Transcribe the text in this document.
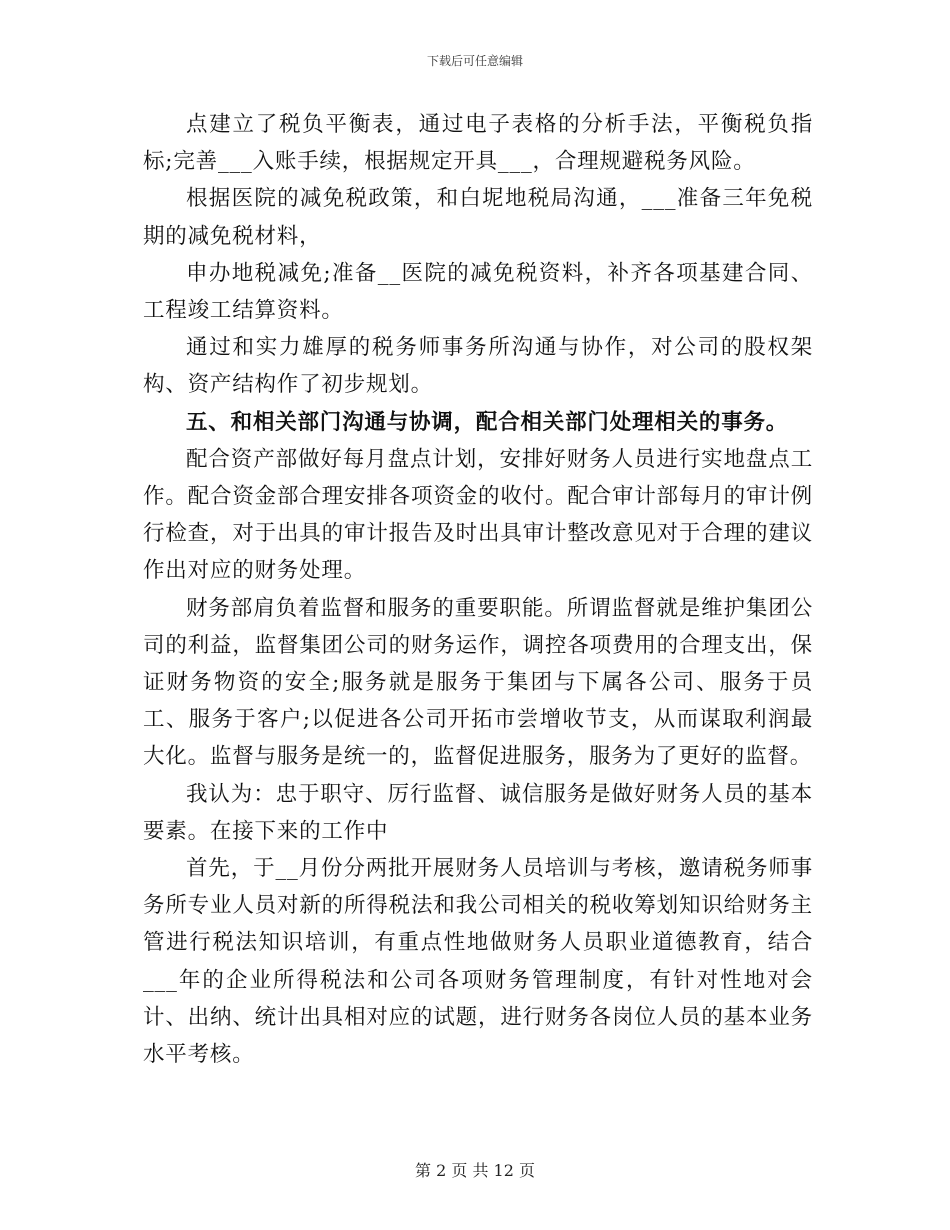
下载后可任意编辑

点建立了税负平衡表，通过电子表格的分析手法，平衡税负指标;完善___入账手续，根据规定开具___，合理规避税务风险。

根据医院的减免税政策，和白坭地税局沟通，___准备三年免税期的减免税材料，

申办地税减免;准备__医院的减免税资料，补齐各项基建合同、工程竣工结算资料。

通过和实力雄厚的税务师事务所沟通与协作，对公司的股权架构、资产结构作了初步规划。

五、和相关部门沟通与协调，配合相关部门处理相关的事务。

配合资产部做好每月盘点计划，安排好财务人员进行实地盘点工作。配合资金部合理安排各项资金的收付。配合审计部每月的审计例行检查，对于出具的审计报告及时出具审计整改意见对于合理的建议作出对应的财务处理。

财务部肩负着监督和服务的重要职能。所谓监督就是维护集团公司的利益，监督集团公司的财务运作，调控各项费用的合理支出，保证财务物资的安全;服务就是服务于集团与下属各公司、服务于员工、服务于客户;以促进各公司开拓市尝增收节支，从而谋取利润最大化。监督与服务是统一的，监督促进服务，服务为了更好的监督。

我认为：忠于职守、厉行监督、诚信服务是做好财务人员的基本要素。在接下来的工作中

首先，于__月份分两批开展财务人员培训与考核，邀请税务师事务所专业人员对新的所得税法和我公司相关的税收筹划知识给财务主管进行税法知识培训，有重点性地做财务人员职业道德教育，结合___年的企业所得税法和公司各项财务管理制度，有针对性地对会计、出纳、统计出具相对应的试题，进行财务各岗位人员的基本业务水平考核。

第 2 页 共 12 页
